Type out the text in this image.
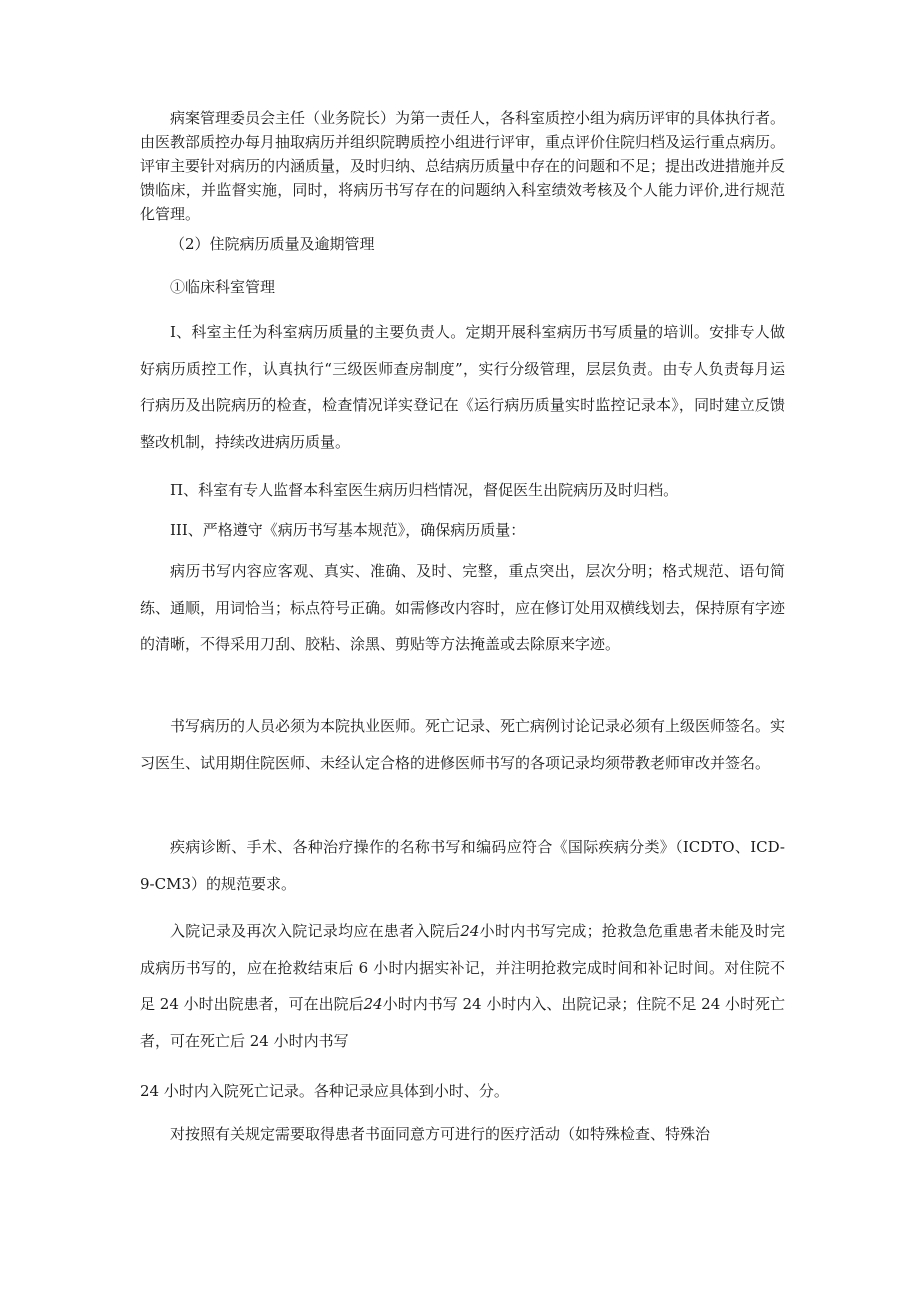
病案管理委员会主任（业务院长）为第一责任人，各科室质控小组为病历评审的具体执行者。由医教部质控办每月抽取病历并组织院聘质控小组进行评审，重点评价住院归档及运行重点病历。评审主要针对病历的内涵质量，及时归纳、总结病历质量中存在的问题和不足；提出改进措施并反馈临床，并监督实施，同时，将病历书写存在的问题纳入科室绩效考核及个人能力评价,进行规范化管理。

（2）住院病历质量及逾期管理

①临床科室管理

I、科室主任为科室病历质量的主要负责人。定期开展科室病历书写质量的培训。安排专人做好病历质控工作，认真执行“三级医师查房制度”，实行分级管理，层层负责。由专人负责每月运行病历及出院病历的检查，检查情况详实登记在《运行病历质量实时监控记录本》，同时建立反馈整改机制，持续改进病历质量。

П、科室有专人监督本科室医生病历归档情况，督促医生出院病历及时归档。

III、严格遵守《病历书写基本规范》，确保病历质量：

病历书写内容应客观、真实、准确、及时、完整，重点突出，层次分明；格式规范、语句简练、通顺，用词恰当；标点符号正确。如需修改内容时，应在修订处用双横线划去，保持原有字迹的清晰，不得采用刀刮、胶粘、涂黑、剪贴等方法掩盖或去除原来字迹。

书写病历的人员必须为本院执业医师。死亡记录、死亡病例讨论记录必须有上级医师签名。实习医生、试用期住院医师、未经认定合格的进修医师书写的各项记录均须带教老师审改并签名。

疾病诊断、手术、各种治疗操作的名称书写和编码应符合《国际疾病分类》（ICDTO、ICD-9-CM3）的规范要求。

入院记录及再次入院记录均应在患者入院后24小时内书写完成；抢救急危重患者未能及时完成病历书写的，应在抢救结束后 6 小时内据实补记，并注明抢救完成时间和补记时间。对住院不足 24 小时出院患者，可在出院后24小时内书写 24 小时内入、出院记录；住院不足 24 小时死亡者，可在死亡后 24 小时内书写

24 小时内入院死亡记录。各种记录应具体到小时、分。

对按照有关规定需要取得患者书面同意方可进行的医疗活动（如特殊检查、特殊治
